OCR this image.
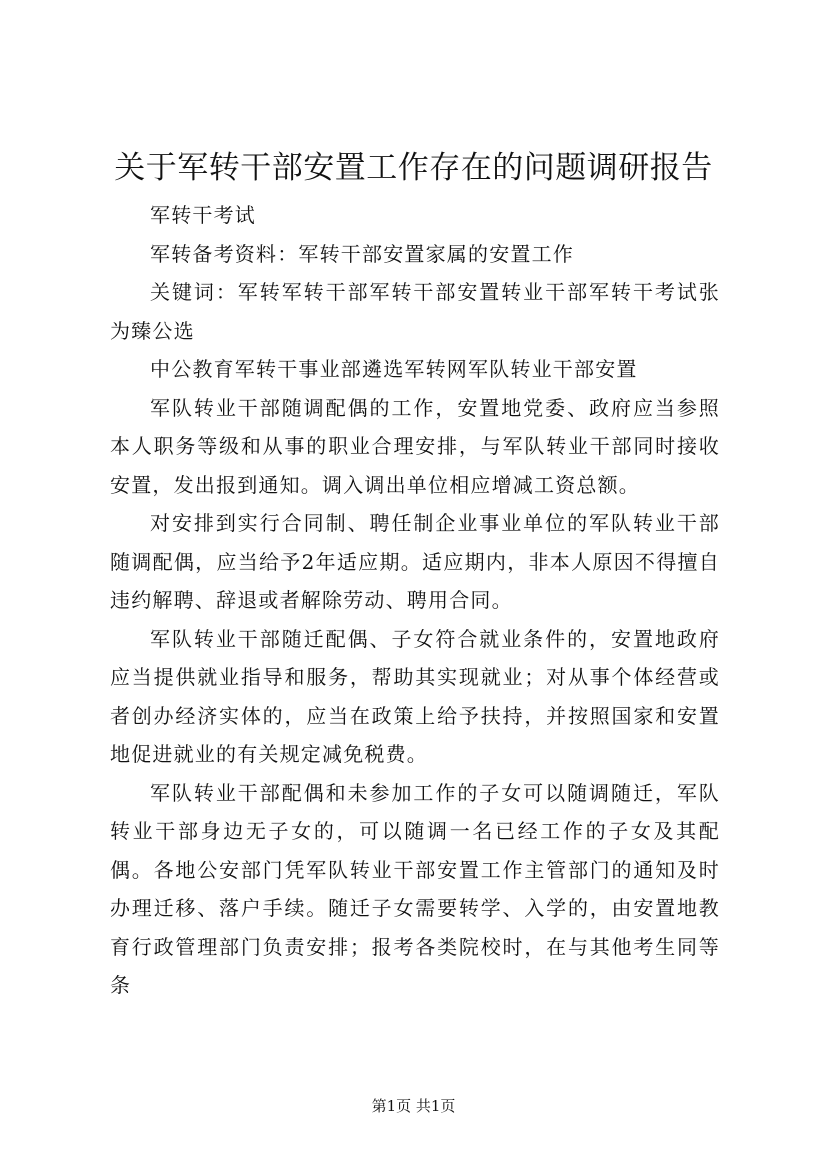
关于军转干部安置工作存在的问题调研报告

军转干考试

军转备考资料：军转干部安置家属的安置工作

关键词：军转军转干部军转干部安置转业干部军转干考试张为臻公选

中公教育军转干事业部遴选军转网军队转业干部安置

军队转业干部随调配偶的工作，安置地党委、政府应当参照本人职务等级和从事的职业合理安排，与军队转业干部同时接收安置，发出报到通知。调入调出单位相应增减工资总额。

对安排到实行合同制、聘任制企业事业单位的军队转业干部随调配偶，应当给予2年适应期。适应期内，非本人原因不得擅自违约解聘、辞退或者解除劳动、聘用合同。

军队转业干部随迁配偶、子女符合就业条件的，安置地政府应当提供就业指导和服务，帮助其实现就业；对从事个体经营或者创办经济实体的，应当在政策上给予扶持，并按照国家和安置地促进就业的有关规定减免税费。

军队转业干部配偶和未参加工作的子女可以随调随迁，军队转业干部身边无子女的，可以随调一名已经工作的子女及其配偶。各地公安部门凭军队转业干部安置工作主管部门的通知及时办理迁移、落户手续。随迁子女需要转学、入学的，由安置地教育行政管理部门负责安排；报考各类院校时，在与其他考生同等条

第1页 共1页
